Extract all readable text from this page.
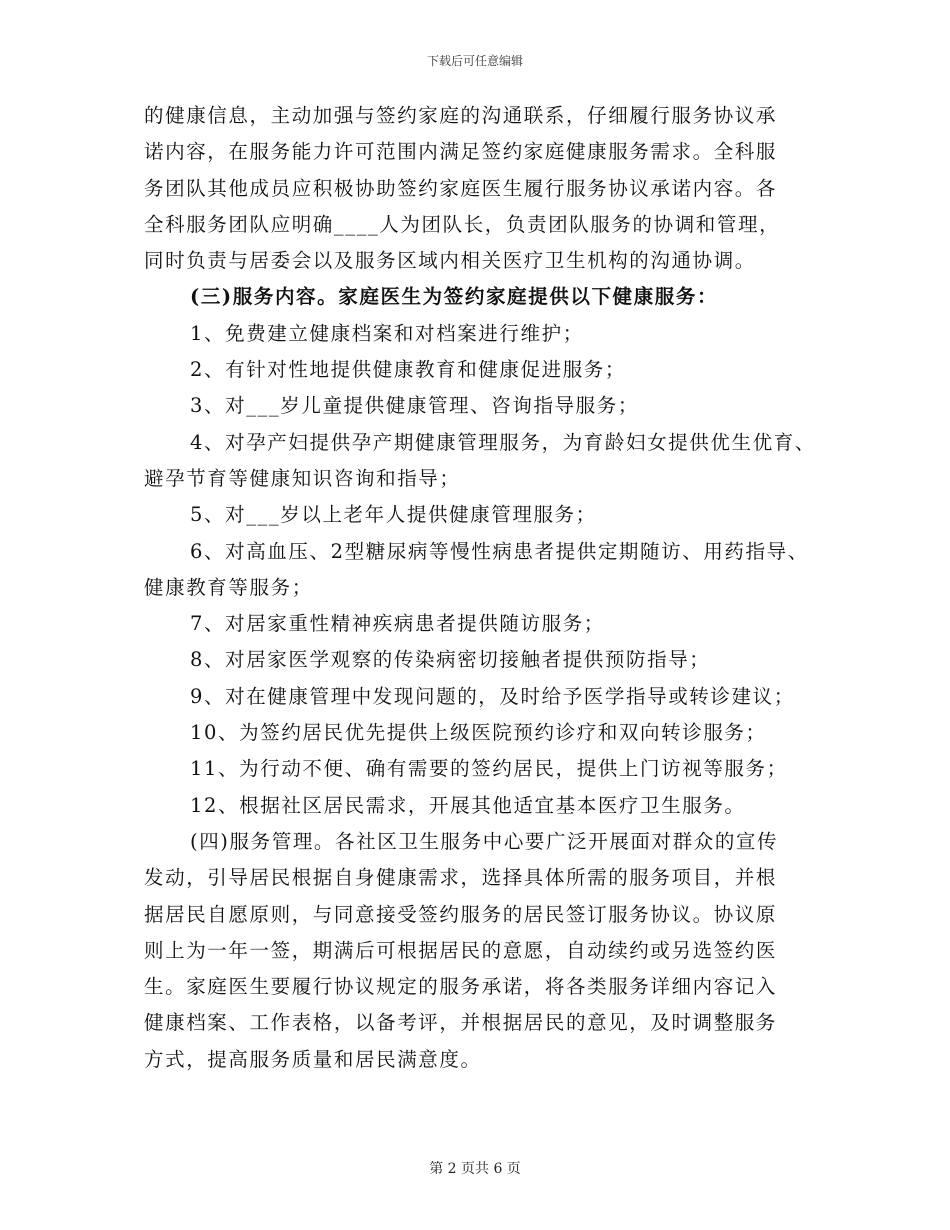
下载后可任意编辑
的健康信息，主动加强与签约家庭的沟通联系，仔细履行服务协议承
诺内容，在服务能力许可范围内满足签约家庭健康服务需求。全科服
务团队其他成员应积极协助签约家庭医生履行服务协议承诺内容。各
全科服务团队应明确____人为团队长，负责团队服务的协调和管理，
同时负责与居委会以及服务区域内相关医疗卫生机构的沟通协调。
(三)服务内容。家庭医生为签约家庭提供以下健康服务：
1、免费建立健康档案和对档案进行维护；
2、有针对性地提供健康教育和健康促进服务；
3、对___岁儿童提供健康管理、咨询指导服务；
4、对孕产妇提供孕产期健康管理服务，为育龄妇女提供优生优育、
避孕节育等健康知识咨询和指导；
5、对___岁以上老年人提供健康管理服务；
6、对高血压、2型糖尿病等慢性病患者提供定期随访、用药指导、
健康教育等服务；
7、对居家重性精神疾病患者提供随访服务；
8、对居家医学观察的传染病密切接触者提供预防指导；
9、对在健康管理中发现问题的，及时给予医学指导或转诊建议；
10、为签约居民优先提供上级医院预约诊疗和双向转诊服务；
11、为行动不便、确有需要的签约居民，提供上门访视等服务；
12、根据社区居民需求，开展其他适宜基本医疗卫生服务。
(四)服务管理。各社区卫生服务中心要广泛开展面对群众的宣传
发动，引导居民根据自身健康需求，选择具体所需的服务项目，并根
据居民自愿原则，与同意接受签约服务的居民签订服务协议。协议原
则上为一年一签，期满后可根据居民的意愿，自动续约或另选签约医
生。家庭医生要履行协议规定的服务承诺，将各类服务详细内容记入
健康档案、工作表格，以备考评，并根据居民的意见，及时调整服务
方式，提高服务质量和居民满意度。
第 2 页共 6 页
